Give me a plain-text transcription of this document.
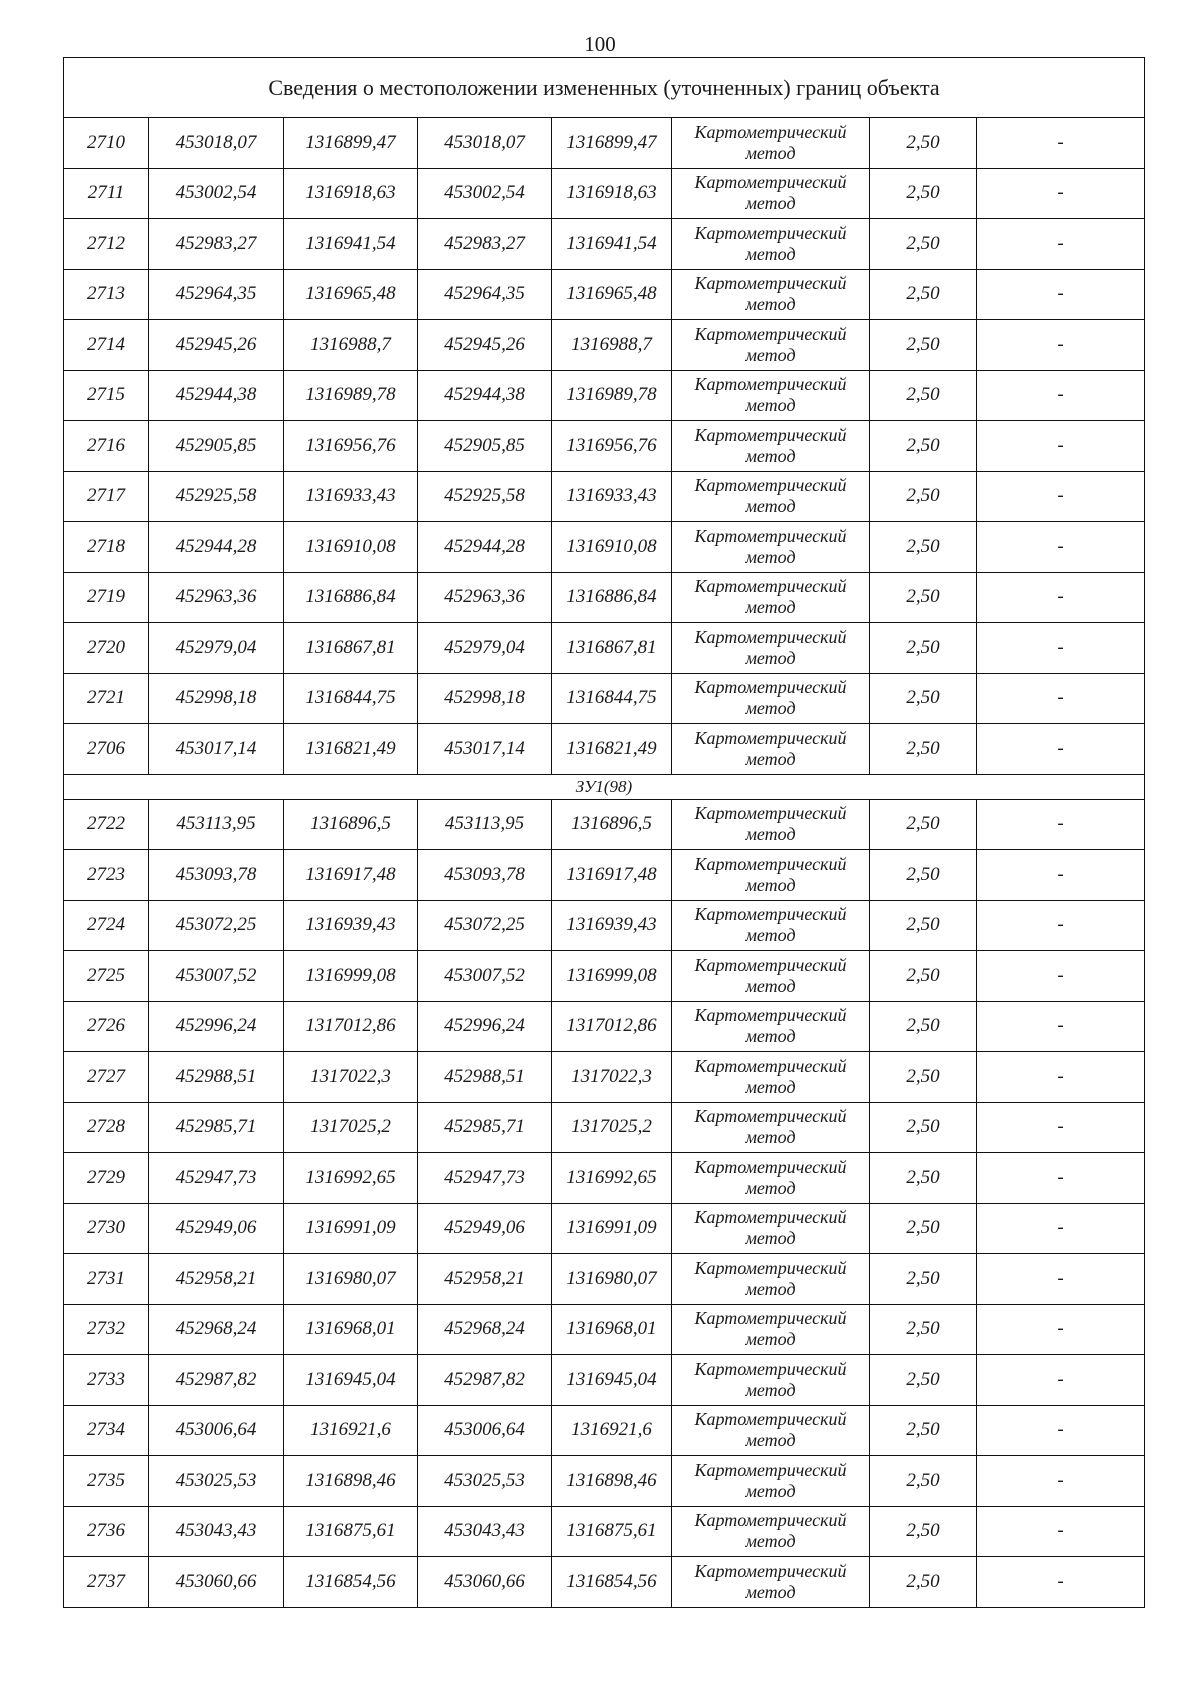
100
Сведения о местоположении измененных (уточненных) границ объекта							
2710	453018,07	1316899,47	453018,07	1316899,47	Картометрический
метод	2,50	-
2711	453002,54	1316918,63	453002,54	1316918,63	Картометрический
метод	2,50	-
2712	452983,27	1316941,54	452983,27	1316941,54	Картометрический
метод	2,50	-
2713	452964,35	1316965,48	452964,35	1316965,48	Картометрический
метод	2,50	-
2714	452945,26	1316988,7	452945,26	1316988,7	Картометрический
метод	2,50	-
2715	452944,38	1316989,78	452944,38	1316989,78	Картометрический
метод	2,50	-
2716	452905,85	1316956,76	452905,85	1316956,76	Картометрический
метод	2,50	-
2717	452925,58	1316933,43	452925,58	1316933,43	Картометрический
метод	2,50	-
2718	452944,28	1316910,08	452944,28	1316910,08	Картометрический
метод	2,50	-
2719	452963,36	1316886,84	452963,36	1316886,84	Картометрический
метод	2,50	-
2720	452979,04	1316867,81	452979,04	1316867,81	Картометрический
метод	2,50	-
2721	452998,18	1316844,75	452998,18	1316844,75	Картометрический
метод	2,50	-
2706	453017,14	1316821,49	453017,14	1316821,49	Картометрический
метод	2,50	-
ЗУ1(98)							
2722	453113,95	1316896,5	453113,95	1316896,5	Картометрический
метод	2,50	-
2723	453093,78	1316917,48	453093,78	1316917,48	Картометрический
метод	2,50	-
2724	453072,25	1316939,43	453072,25	1316939,43	Картометрический
метод	2,50	-
2725	453007,52	1316999,08	453007,52	1316999,08	Картометрический
метод	2,50	-
2726	452996,24	1317012,86	452996,24	1317012,86	Картометрический
метод	2,50	-
2727	452988,51	1317022,3	452988,51	1317022,3	Картометрический
метод	2,50	-
2728	452985,71	1317025,2	452985,71	1317025,2	Картометрический
метод	2,50	-
2729	452947,73	1316992,65	452947,73	1316992,65	Картометрический
метод	2,50	-
2730	452949,06	1316991,09	452949,06	1316991,09	Картометрический
метод	2,50	-
2731	452958,21	1316980,07	452958,21	1316980,07	Картометрический
метод	2,50	-
2732	452968,24	1316968,01	452968,24	1316968,01	Картометрический
метод	2,50	-
2733	452987,82	1316945,04	452987,82	1316945,04	Картометрический
метод	2,50	-
2734	453006,64	1316921,6	453006,64	1316921,6	Картометрический
метод	2,50	-
2735	453025,53	1316898,46	453025,53	1316898,46	Картометрический
метод	2,50	-
2736	453043,43	1316875,61	453043,43	1316875,61	Картометрический
метод	2,50	-
2737	453060,66	1316854,56	453060,66	1316854,56	Картометрический
метод	2,50	-
